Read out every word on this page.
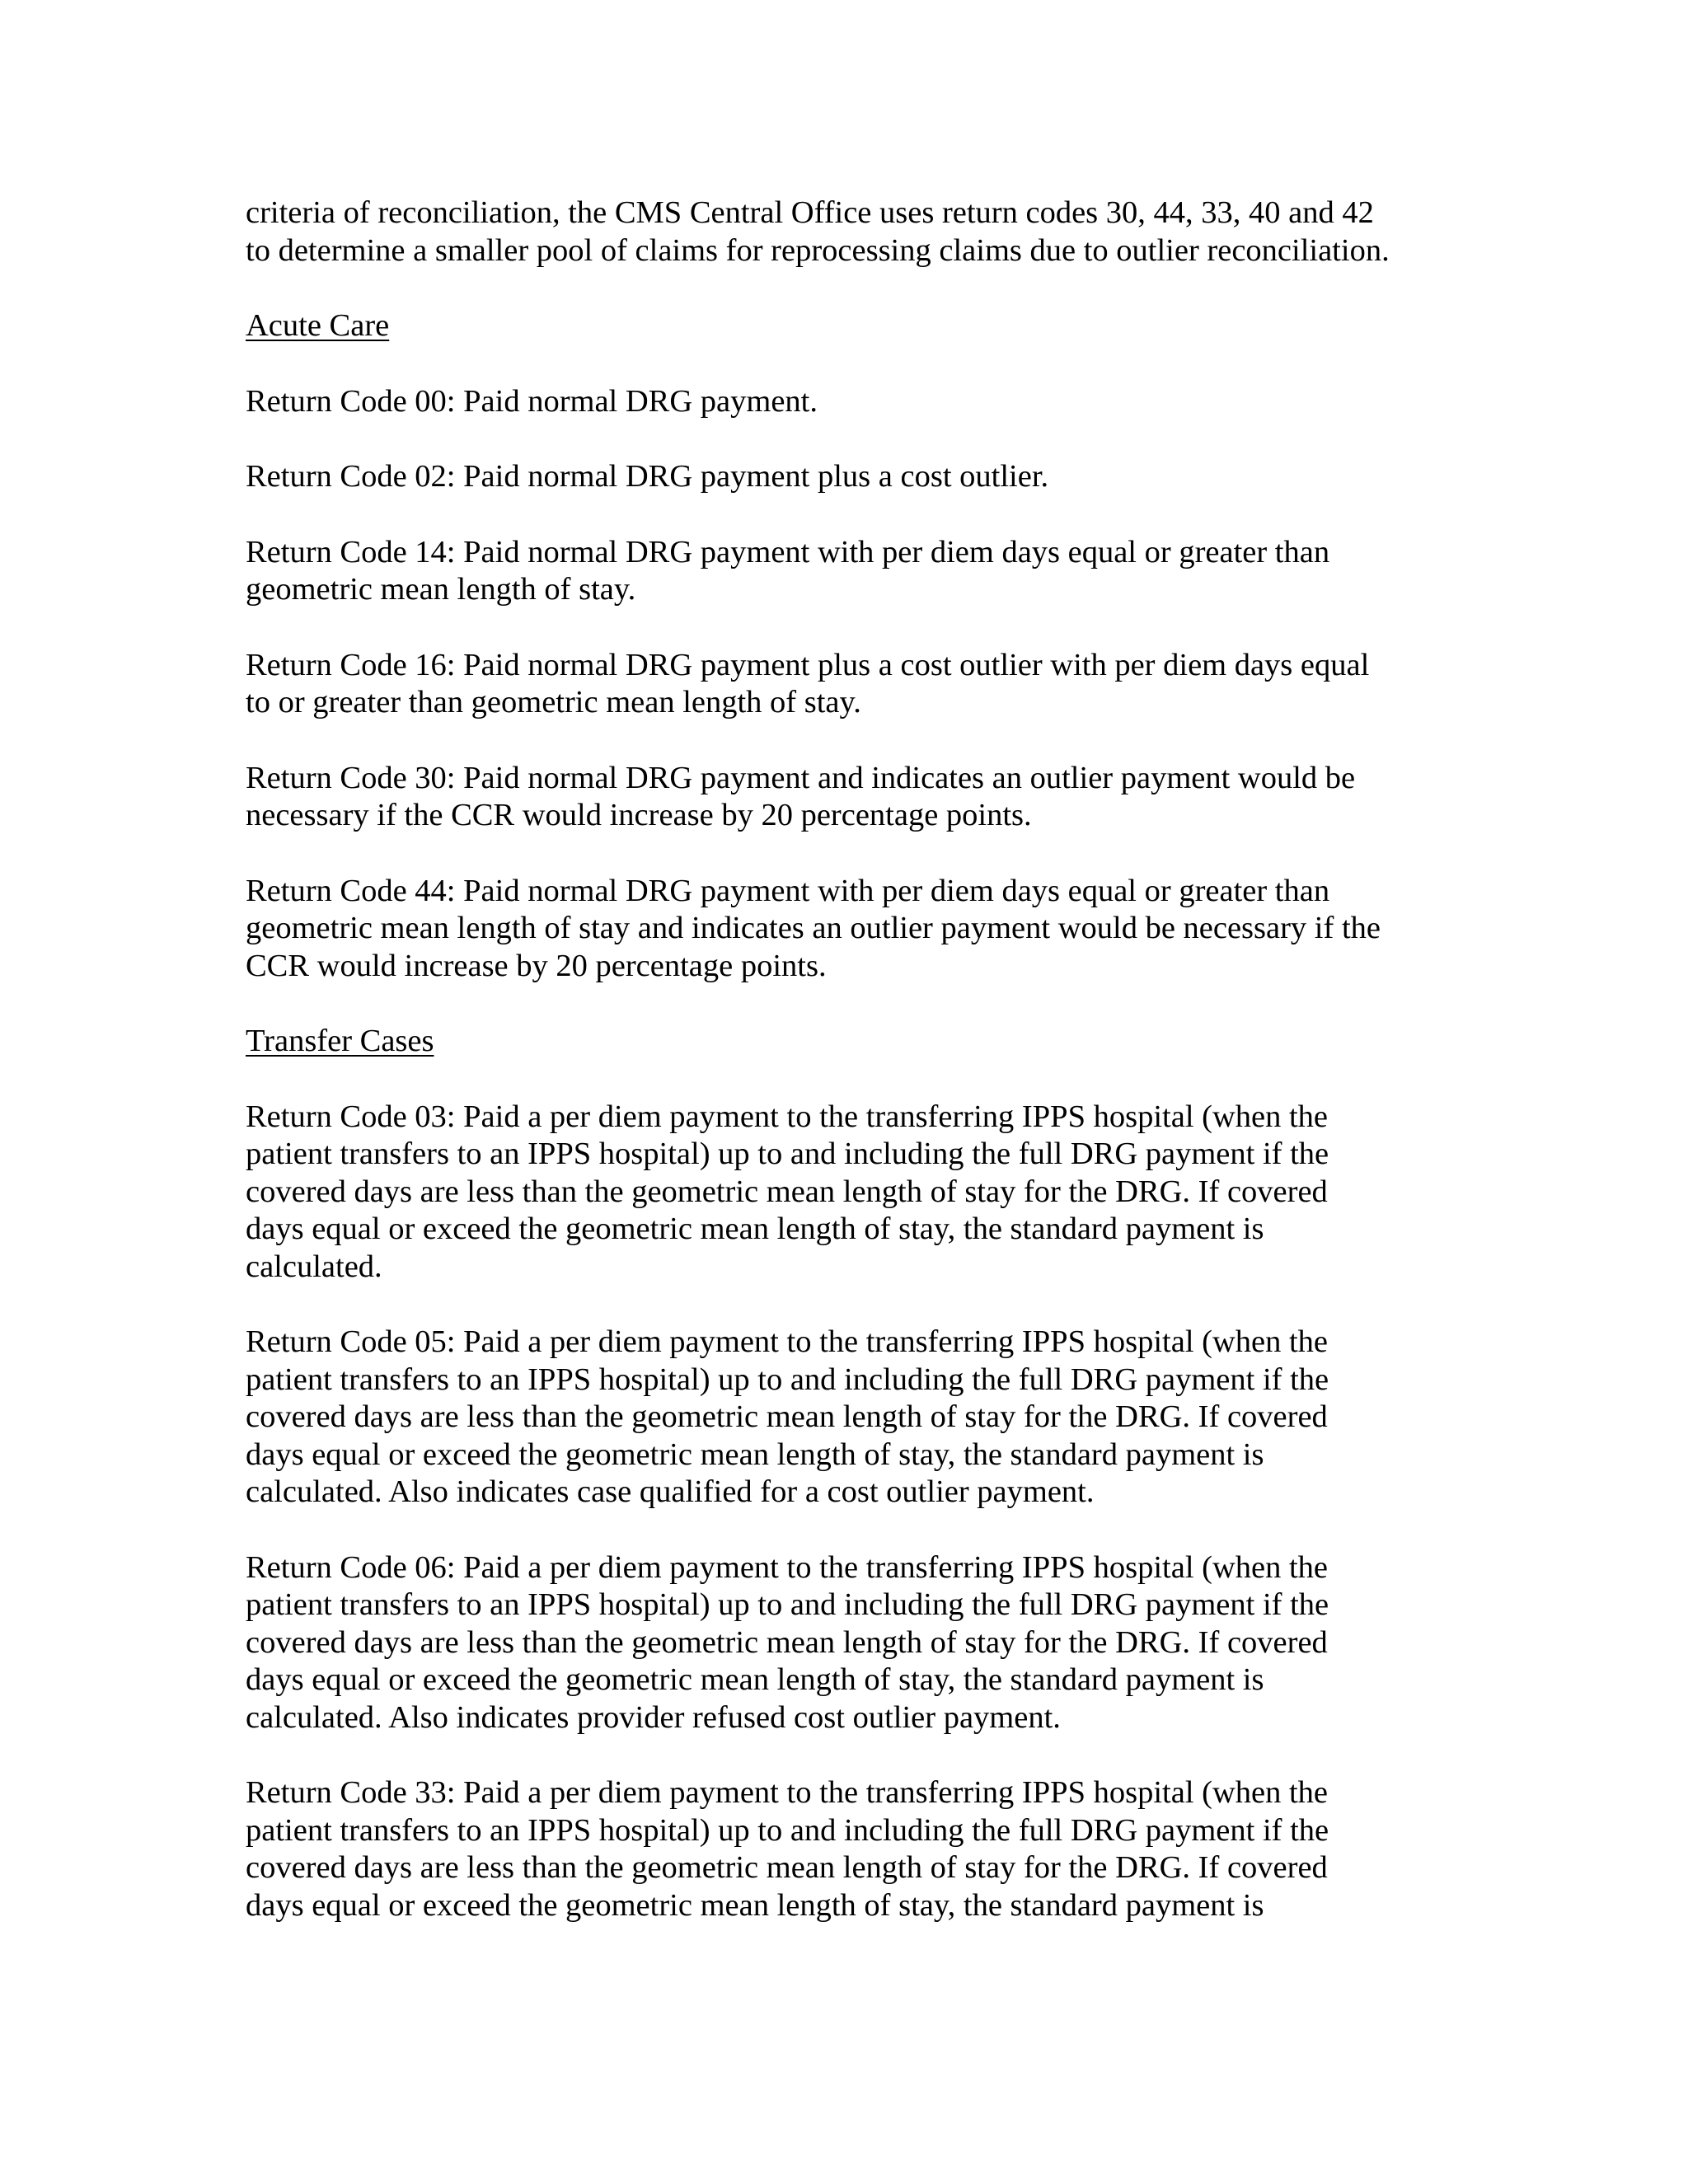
criteria of reconciliation, the CMS Central Office uses return codes 30, 44, 33, 40 and 42
to determine a smaller pool of claims for reprocessing claims due to outlier reconciliation.

Acute Care

Return Code 00: Paid normal DRG payment.

Return Code 02: Paid normal DRG payment plus a cost outlier.

Return Code 14: Paid normal DRG payment with per diem days equal or greater than
geometric mean length of stay.

Return Code 16: Paid normal DRG payment plus a cost outlier with per diem days equal
to or greater than geometric mean length of stay.

Return Code 30: Paid normal DRG payment and indicates an outlier payment would be
necessary if the CCR would increase by 20 percentage points.

Return Code 44: Paid normal DRG payment with per diem days equal or greater than
geometric mean length of stay and indicates an outlier payment would be necessary if the
CCR would increase by 20 percentage points.

Transfer Cases

Return Code 03: Paid a per diem payment to the transferring IPPS hospital (when the
patient transfers to an IPPS hospital) up to and including the full DRG payment if the
covered days are less than the geometric mean length of stay for the DRG. If covered
days equal or exceed the geometric mean length of stay, the standard payment is
calculated.

Return Code 05: Paid a per diem payment to the transferring IPPS hospital (when the
patient transfers to an IPPS hospital) up to and including the full DRG payment if the
covered days are less than the geometric mean length of stay for the DRG. If covered
days equal or exceed the geometric mean length of stay, the standard payment is
calculated. Also indicates case qualified for a cost outlier payment.

Return Code 06: Paid a per diem payment to the transferring IPPS hospital (when the
patient transfers to an IPPS hospital) up to and including the full DRG payment if the
covered days are less than the geometric mean length of stay for the DRG. If covered
days equal or exceed the geometric mean length of stay, the standard payment is
calculated. Also indicates provider refused cost outlier payment.

Return Code 33: Paid a per diem payment to the transferring IPPS hospital (when the
patient transfers to an IPPS hospital) up to and including the full DRG payment if the
covered days are less than the geometric mean length of stay for the DRG. If covered
days equal or exceed the geometric mean length of stay, the standard payment is
